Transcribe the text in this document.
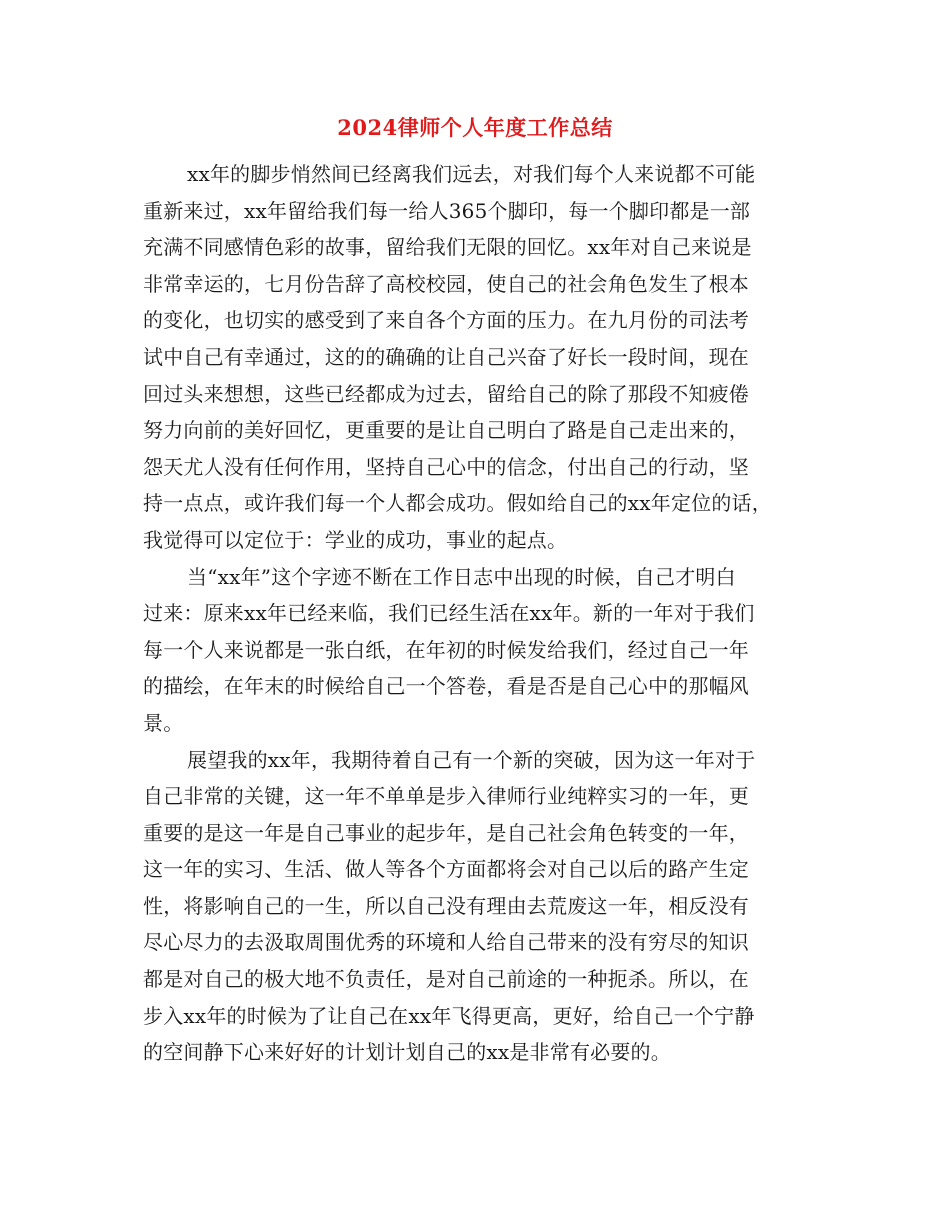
2024律师个人年度工作总结
xx年的脚步悄然间已经离我们远去，对我们每个人来说都不可能
重新来过，xx年留给我们每一给人365个脚印，每一个脚印都是一部
充满不同感情色彩的故事，留给我们无限的回忆。xx年对自己来说是
非常幸运的，七月份告辞了高校校园，使自己的社会角色发生了根本
的变化，也切实的感受到了来自各个方面的压力。在九月份的司法考
试中自己有幸通过，这的的确确的让自己兴奋了好长一段时间，现在
回过头来想想，这些已经都成为过去，留给自己的除了那段不知疲倦
努力向前的美好回忆，更重要的是让自己明白了路是自己走出来的，
怨天尤人没有任何作用，坚持自己心中的信念，付出自己的行动，坚
持一点点，或许我们每一个人都会成功。假如给自己的xx年定位的话，
我觉得可以定位于：学业的成功，事业的起点。
当“xx年”这个字迹不断在工作日志中出现的时候，自己才明白
过来：原来xx年已经来临，我们已经生活在xx年。新的一年对于我们
每一个人来说都是一张白纸，在年初的时候发给我们，经过自己一年
的描绘，在年末的时候给自己一个答卷，看是否是自己心中的那幅风
景。
展望我的xx年，我期待着自己有一个新的突破，因为这一年对于
自己非常的关键，这一年不单单是步入律师行业纯粹实习的一年，更
重要的是这一年是自己事业的起步年，是自己社会角色转变的一年，
这一年的实习、生活、做人等各个方面都将会对自己以后的路产生定
性，将影响自己的一生，所以自己没有理由去荒废这一年，相反没有
尽心尽力的去汲取周围优秀的环境和人给自己带来的没有穷尽的知识
都是对自己的极大地不负责任，是对自己前途的一种扼杀。所以，在
步入xx年的时候为了让自己在xx年飞得更高，更好，给自己一个宁静
的空间静下心来好好的计划计划自己的xx是非常有必要的。
